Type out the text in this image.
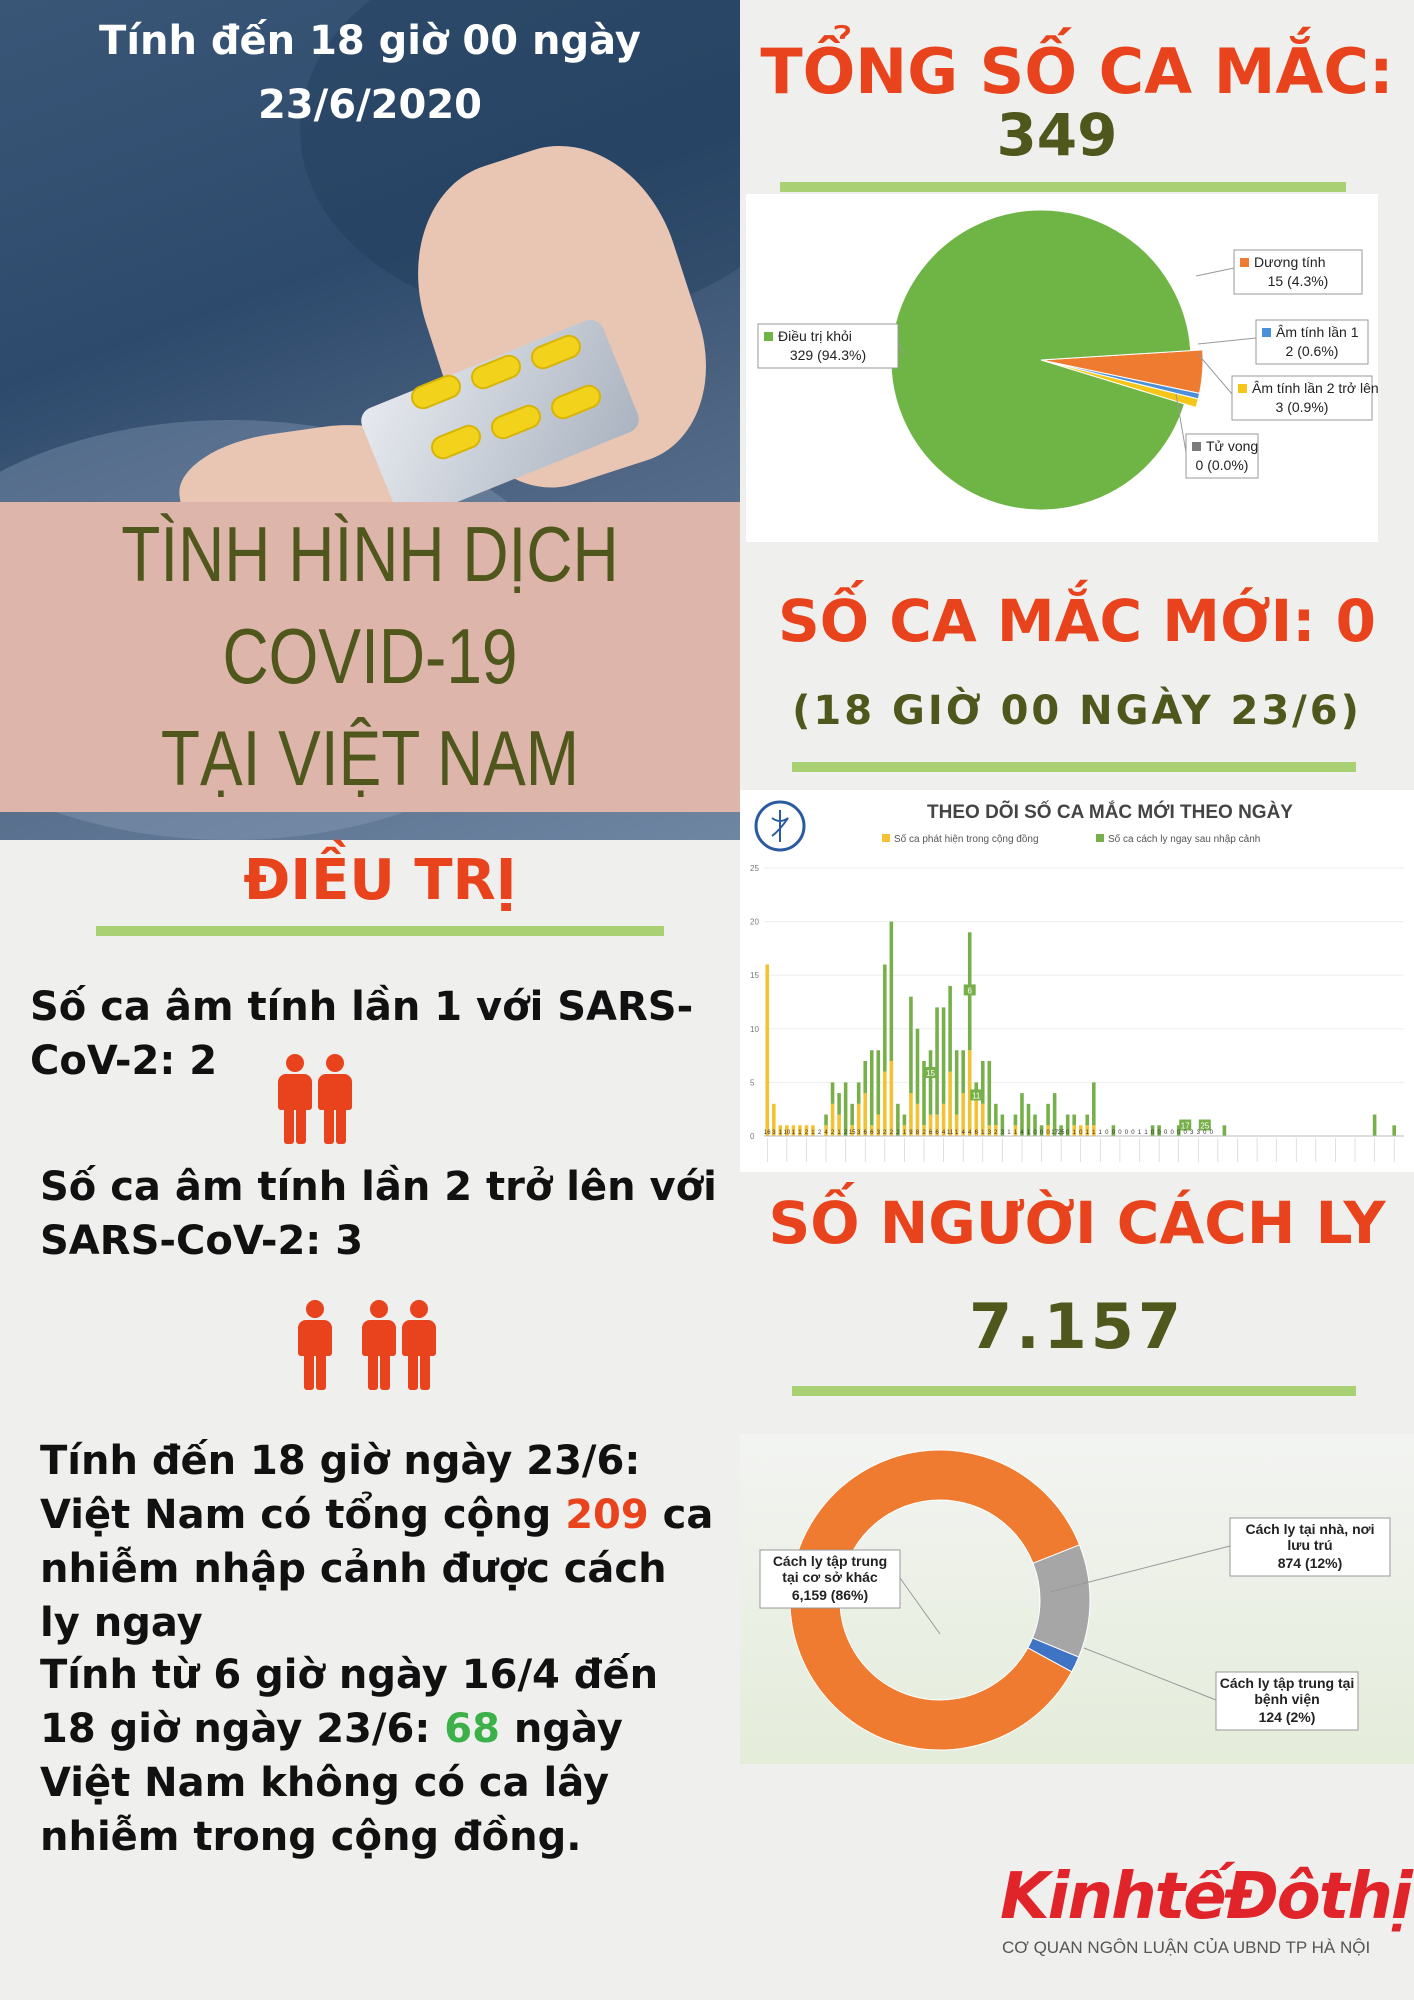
Tính đến 18 giờ 00 ngày
23/6/2020
TÌNH HÌNH DỊCH
COVID-19
TẠI VIỆT NAM
ĐIỀU TRỊ
Số ca âm tính lần 1 với SARS-CoV-2: 2
Số ca âm tính lần 2 trở lên với SARS-CoV-2: 3
Tính đến 18 giờ ngày 23/6: Việt Nam có tổng cộng 209 ca nhiễm nhập cảnh được cách ly ngay
Tính từ 6 giờ ngày 16/4 đến 18 giờ ngày 23/6: 68 ngày Việt Nam không có ca lây nhiễm trong cộng đồng.
TỔNG SỐ CA MẮC:
349
Điều trị khỏi
329 (94.3%)
Dương tính
15 (4.3%)
Âm tính lần 1
2 (0.6%)
Âm tính lần 2 trở lên
3 (0.9%)
Tử vong
0 (0.0%)
SỐ CA MẮC MỚI: 0
(18 GIỜ 00 NGÀY 23/6)
THEO DÕI SỐ CA MẮC MỚI THEO NGÀY
Số ca phát hiện trong cộng đồng	Số ca cách ly ngay sau nhập cảnh
0
5
10
15
20
25
15
6
11
17 25
16 3 1 10 1 1 2 1 2 4 2 1 2 15 3 6 6 3 2 2 2 1 9 8 2 6 6 4 11 1 4 4 6 1 3 2 3 1 1 4 1 0 0 0 17 25 0 1 0 1 1 1 0 0 0 0 0 1 1 0 0 0 0 0 0 3 3 0 0
SỐ NGƯỜI CÁCH LY
7.157
Cách ly tập trung
tại cơ sở khác
6,159 (86%)
Cách ly tại nhà, nơi
lưu trú
874 (12%)
Cách ly tập trung tại
bệnh viện
124 (2%)
KinhtếĐôthị
CƠ QUAN NGÔN LUẬN CỦA UBND TP HÀ NỘI
